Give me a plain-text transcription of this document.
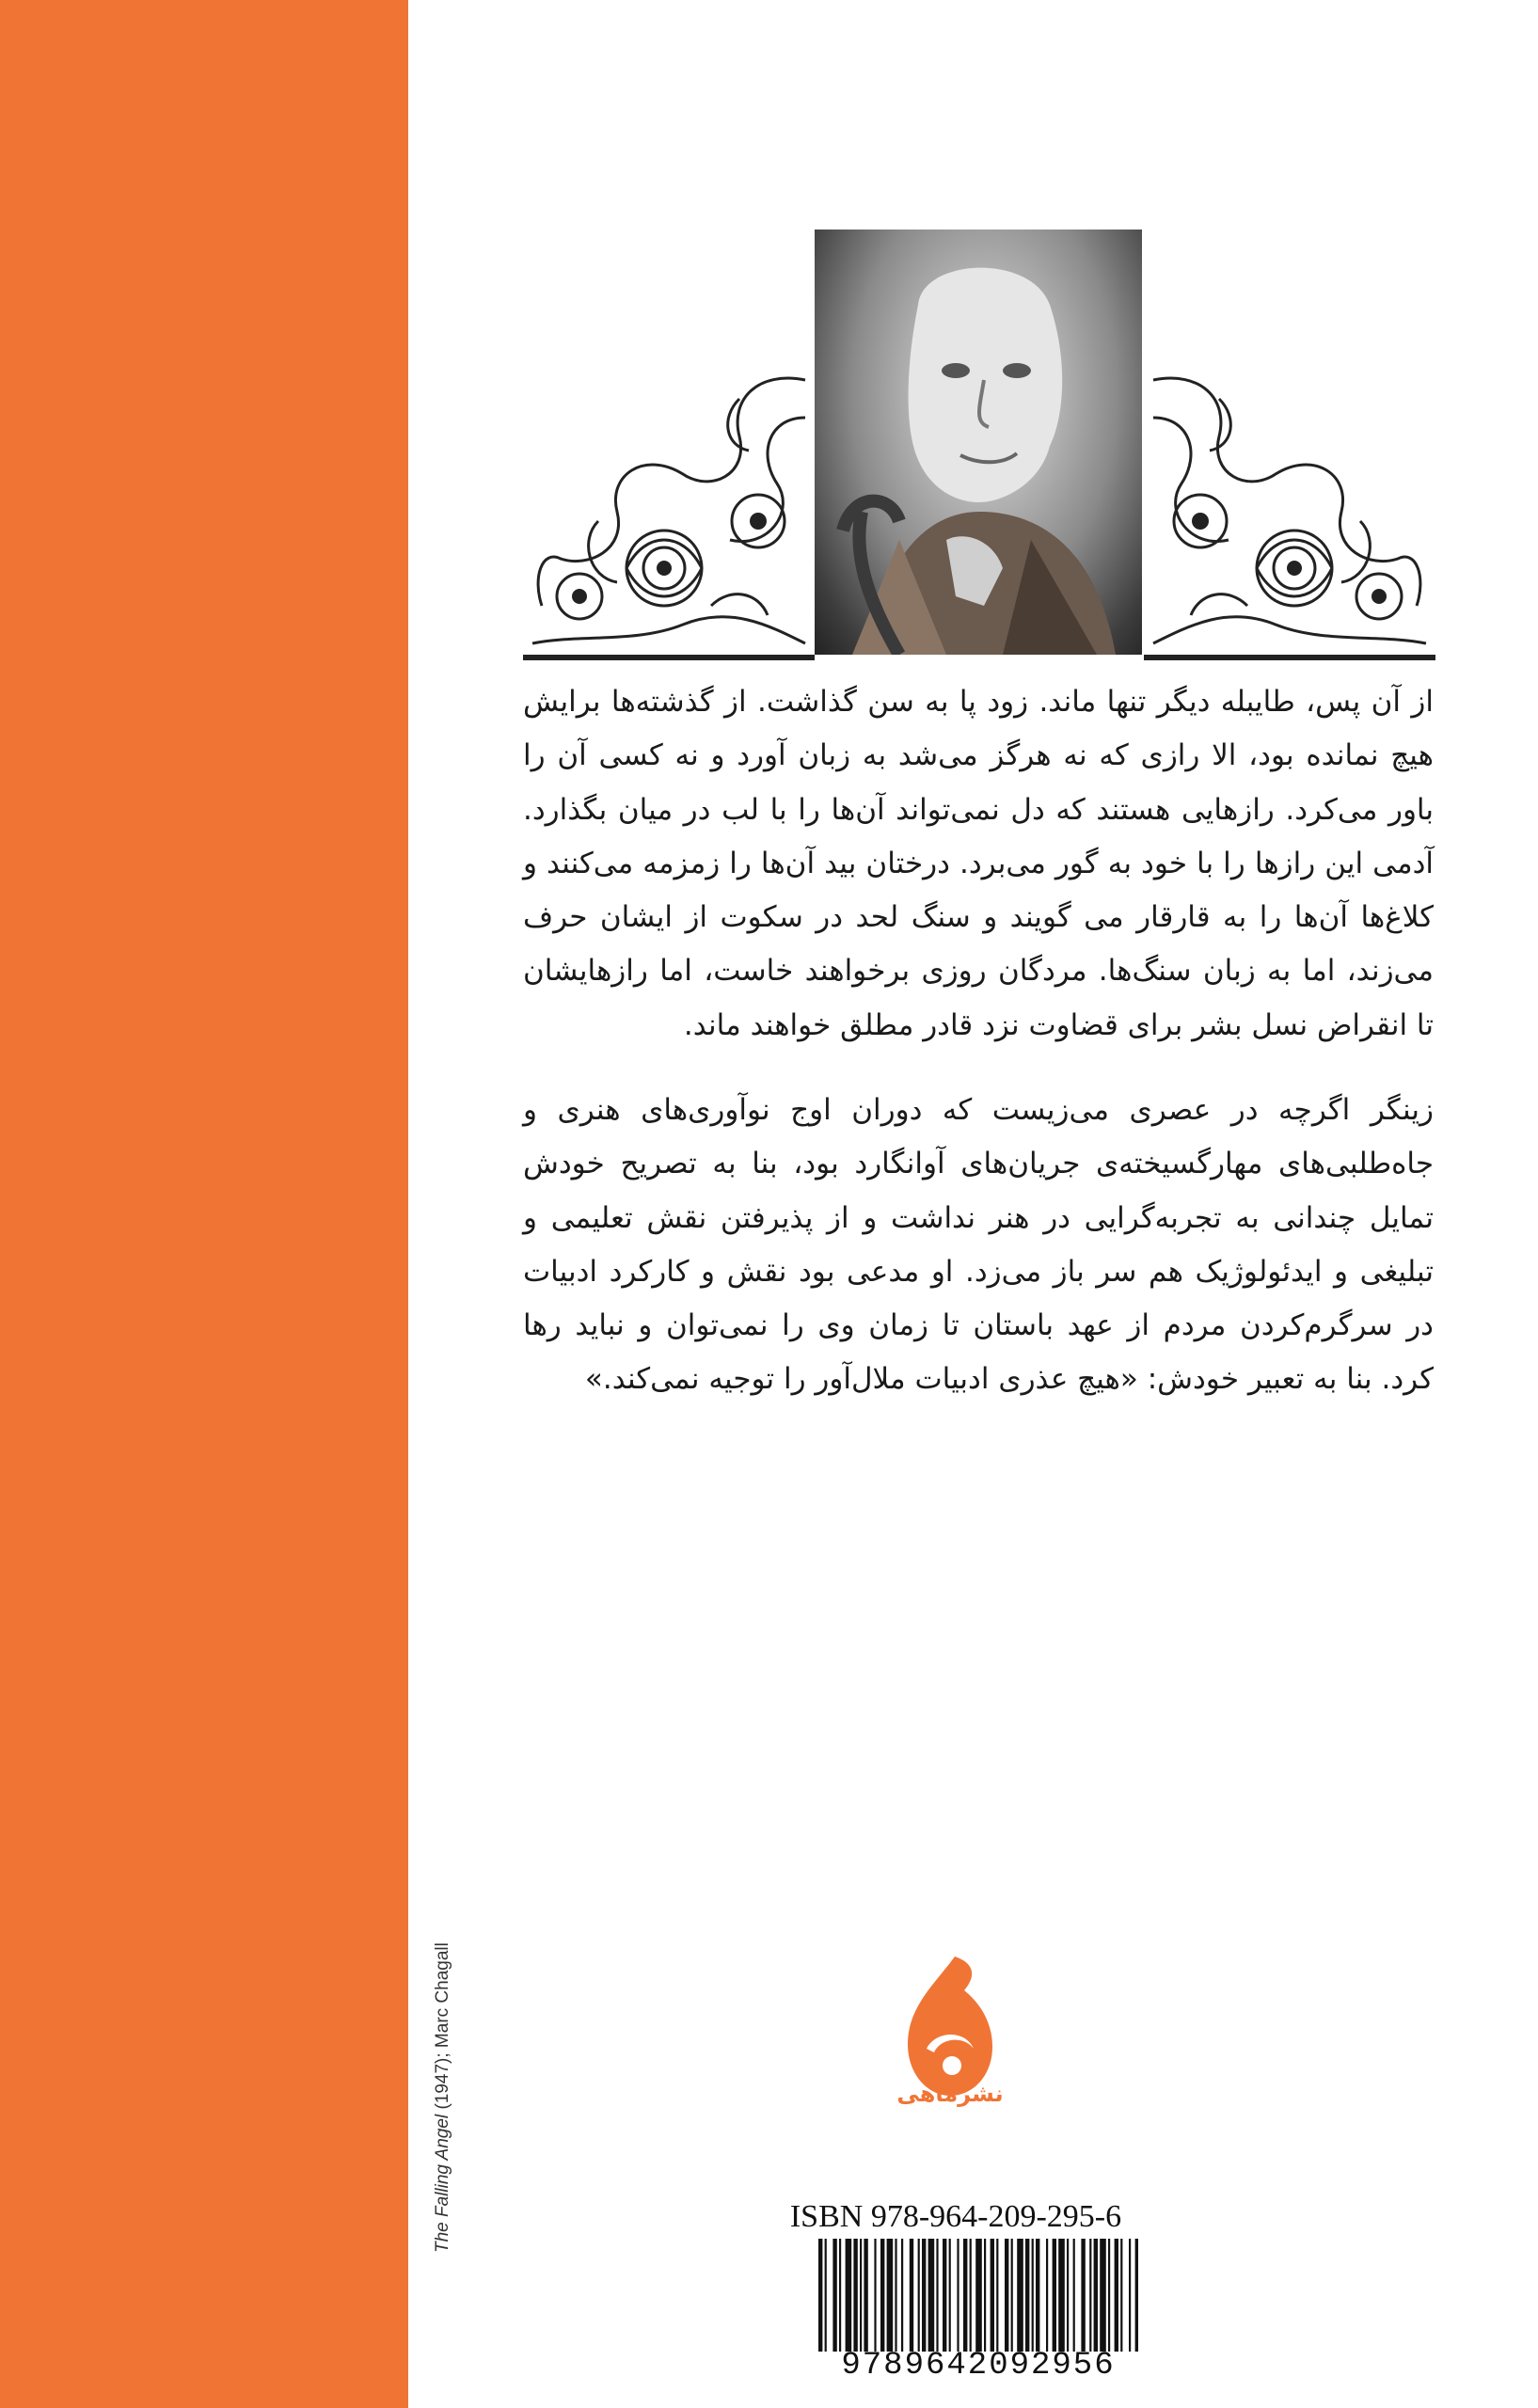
The Falling Angel (1947); Marc Chagall

از آن پس، طایبله دیگر تنها ماند. زود پا به سن گذاشت. از گذشته‌ها برایش هیچ نمانده بود، الا رازی که نه هرگز می‌شد به زبان آورد و نه کسی آن را باور می‌کرد. رازهایی هستند که دل نمی‌تواند آن‌ها را با لب در میان بگذارد. آدمی این رازها را با خود به گور می‌برد. درختان بید آن‌ها را زمزمه می‌کنند و کلاغ‌ها آن‌ها را به قارقار می‌ گویند و سنگ لحد در سکوت از ایشان حرف می‌زند، اما به زبان سنگ‌ها. مردگان روزی برخواهند خاست، اما رازهایشان تا انقراض نسل بشر برای قضاوت نزد قادر مطلق خواهند ماند.

زینگر اگرچه در عصری می‌زیست که دوران اوج نوآوری‌های هنری و جاه‌طلبی‌های مهارگسیخته‌ی جریان‌های آوانگارد بود، بنا به تصریح خودش تمایل چندانی به تجربه‌گرایی در هنر نداشت و از پذیرفتن نقش تعلیمی و تبلیغی و ایدئولوژیک هم سر باز می‌زد. او مدعی بود نقش و کارکرد ادبیات در سرگرم‌کردن مردم از عهد باستان تا زمان وی را نمی‌توان و نباید رها کرد. بنا به تعبیر خودش: «هیچ عذری ادبیات ملال‌آور را توجیه نمی‌کند.»

نشرماهی
ISBN 978-964-209-295-6
9789642092956
